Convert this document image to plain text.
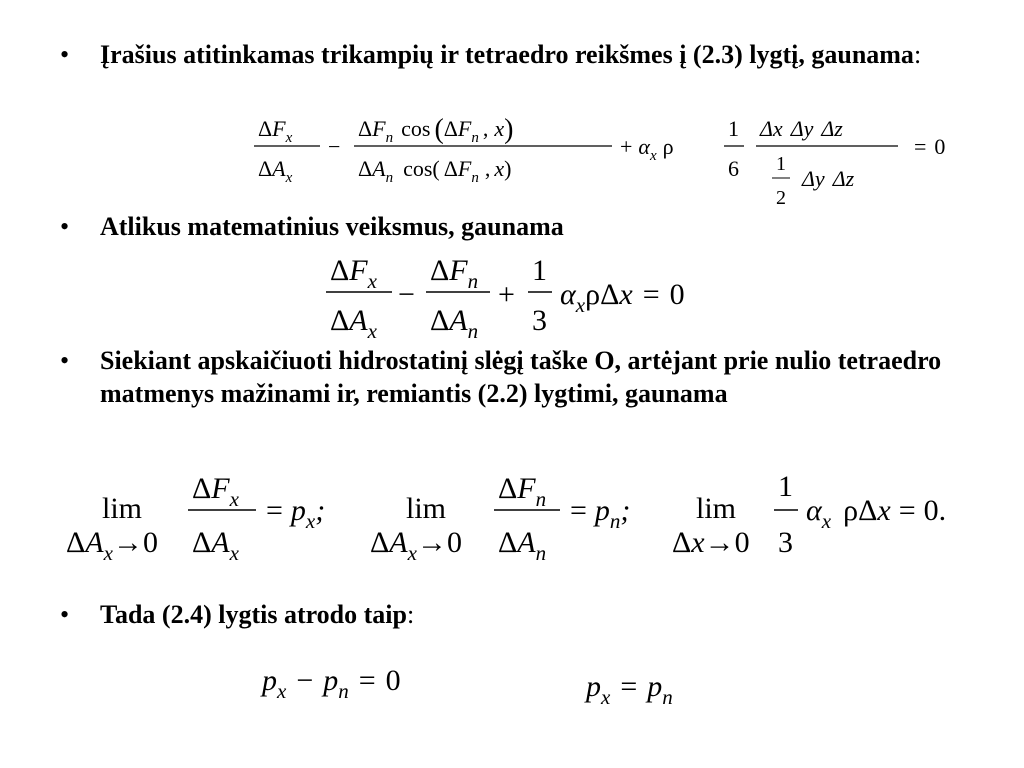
• Įrašius atitinkamas trikampių ir tetraedro reikšmes į (2.3) lygtį, gaunama:
$\Delta F_x$
$\Delta A_x$
−
$\Delta F_n$ $\cos (\Delta F_n$ , x)
$\Delta A_n$ cos( $\Delta F_n$ , x)
+ $\alpha_x$ ρ
1
6
Δx Δy Δz
1
2
Δy Δz
= 0
• Atlikus matematinius veiksmus, gaunama
$\Delta F_x$
$\Delta A_x$
−
$\Delta F_n$
$\Delta A_n$
+
1
3
$\alpha_x\rho\Delta x = 0$
• Siekiant apskaičiuoti hidrostatinį slėgį taške O, artėjant prie nulio tetraedro matmenys mažinami ir, remiantis (2.2) lygtimi, gaunama
lim
$\Delta A_x\to 0$
$\Delta F_x$
$\Delta A_x$
= $p_x$;	lim
$\Delta A_x\to 0$
$\Delta F_n$
$\Delta A_n$
= $p_n$; lim
Δx→0
1
3
$\alpha_x$ ρΔx = 0.
• Tada (2.4) lygtis atrodo taip:
$p_x - p_n = 0$	$p_x = p_n$
